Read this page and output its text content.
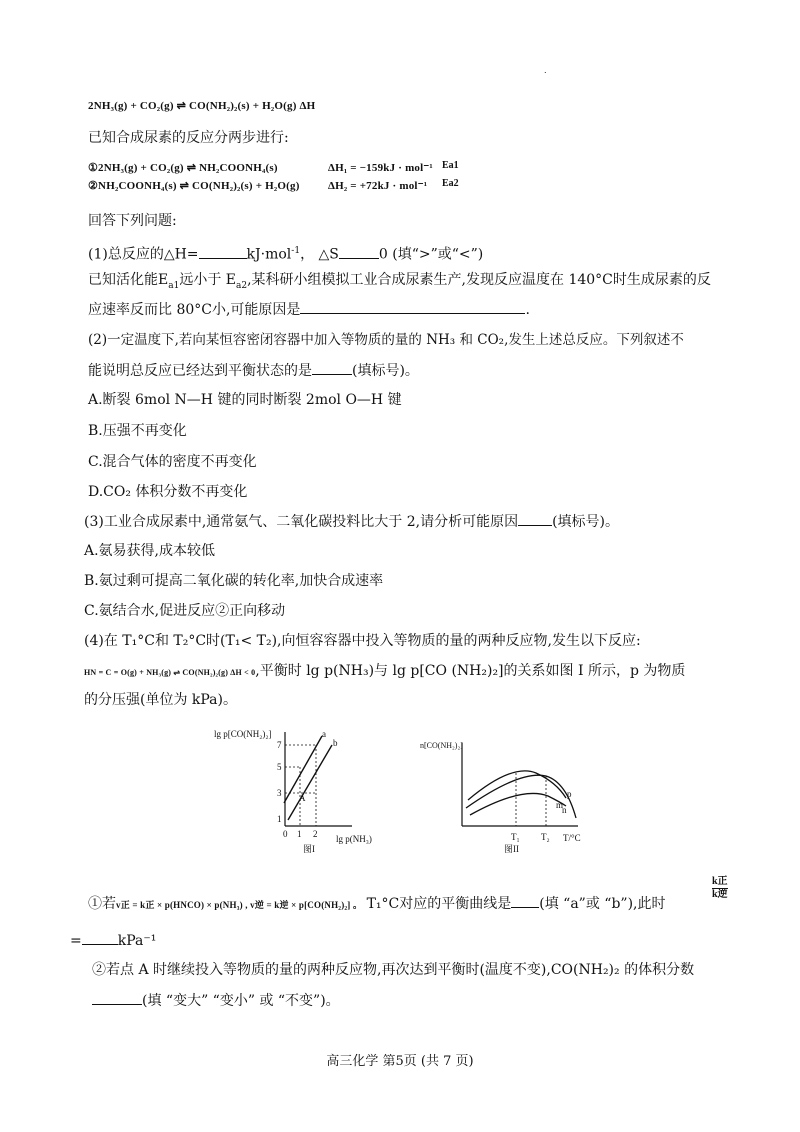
.
2NH₃(g) + CO₂(g) ⇌ CO(NH₂)₂(s) + H₂O(g) ΔH
已知合成尿素的反应分两步进行:
①2NH₃(g) + CO₂(g) ⇌ NH₂COONH₄(s)	ΔH₁ = −159kJ · mol⁻¹ Ea1
②NH₂COONH₄(s) ⇌ CO(NH₂)₂(s) + H₂O(g)	ΔH₂ = +72kJ · mol⁻¹ Ea2
回答下列问题:
(1)总反应的△H=	kJ·mol$^{-1}$， △S	0 (填“>”或“<”)
已知活化能$E_{a1}$远小于 $E_{a2}$,某科研小组模拟工业合成尿素生产,发现反应温度在 140°C时生成尿素的反
应速率反而比 80°C小,可能原因是	.
(2)一定温度下,若向某恒容密闭容器中加入等物质的量的 NH₃ 和 CO₂,发生上述总反应。下列叙述不
能说明总反应已经达到平衡状态的是	(填标号)。
A.断裂 6mol N—H 键的同时断裂 2mol O—H 键
B.压强不再变化
C.混合气体的密度不再变化
D.CO₂ 体积分数不再变化
(3)工业合成尿素中,通常氨气、二氧化碳投料比大于 2,请分析可能原因 (填标号)。
A.氨易获得,成本较低
B.氨过剩可提高二氧化碳的转化率,加快合成速率
C.氨结合水,促进反应②正向移动
(4)在 T₁°C和 T₂°C时(T₁< T₂),向恒容容器中投入等物质的量的两种反应物,发生以下反应:
HN = C = O(g) + NH₃(g) ⇌ CO(NH₂)₂(g) ΔH < 0,平衡时 lg p(NH₃)与 lg p[CO (NH₂)₂]的关系如图 I 所示，p 为物质
的分压强(单位为 kPa)。
lg p[CO(NH₂)₂]
lg p(NH₃)
7
5
3
1
0 1 2
a
b
A
图I
n[CO(NH₂)₂]
T/°C
T₁ T₂
p
m
n
图II
①若v正 = k正 × p(HNCO) × p(NH₃) , v逆 = k逆 × p[CO(NH₂)₂] 。 T₁°C对应的平衡曲线是 (填 “a”或 “b”),此时
k正
k逆
=	kPa⁻¹
②若点 A 时继续投入等物质的量的两种反应物,再次达到平衡时(温度不变),CO(NH₂)₂ 的体积分数
(填 “变大” “变小” 或 “不变”)。
高三化学 第5页 (共 7 页)
